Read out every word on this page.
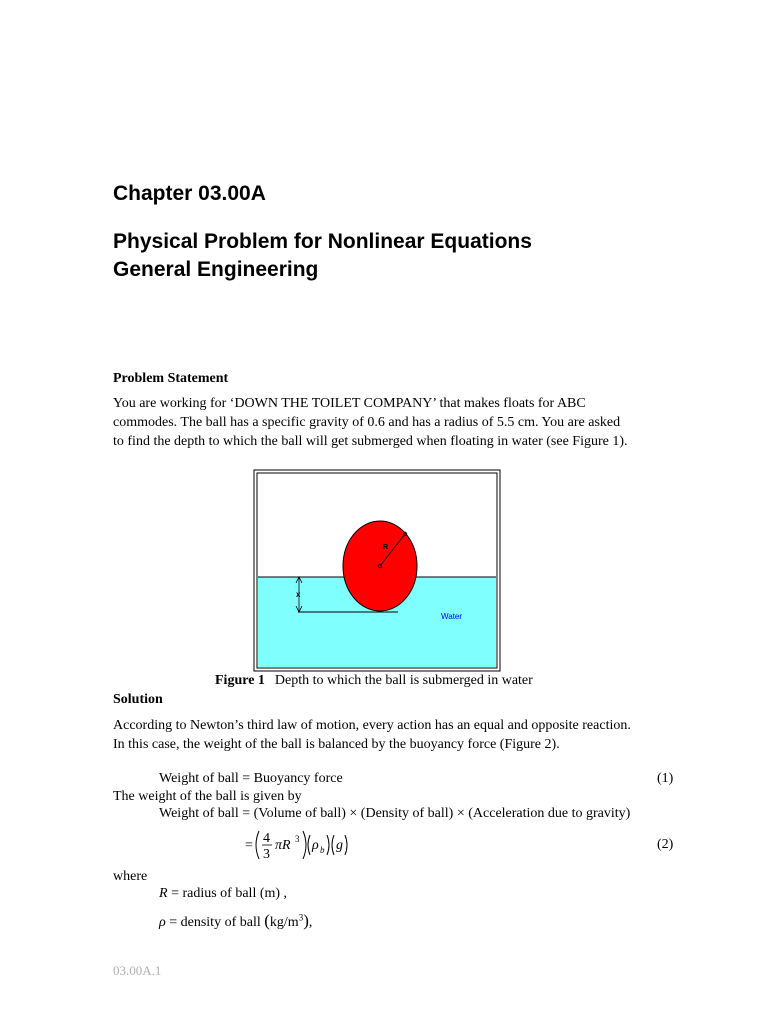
Chapter 03.00A
Physical Problem for Nonlinear Equations
General Engineering
Problem Statement
You are working for ‘DOWN THE TOILET COMPANY’ that makes floats for ABC
commodes. The ball has a specific gravity of 0.6 and has a radius of 5.5 cm. You are asked
to find the depth to which the ball will get submerged when floating in water (see Figure 1).
R
x
Water
Figure 1 Depth to which the ball is submerged in water
Solution
According to Newton’s third law of motion, every action has an equal and opposite reaction.
In this case, the weight of the ball is balanced by the buoyancy force (Figure 2).
Weight of ball = Buoyancy force	(1)
The weight of the ball is given by
Weight of ball = (Volume of ball) × (Density of ball) × (Acceleration due to gravity)
= 4
3
πR 3 ρ b g	(2)
where
R = radius of ball (m) ,
ρ = density of ball $(kg/m^3)$,
03.00A.1
